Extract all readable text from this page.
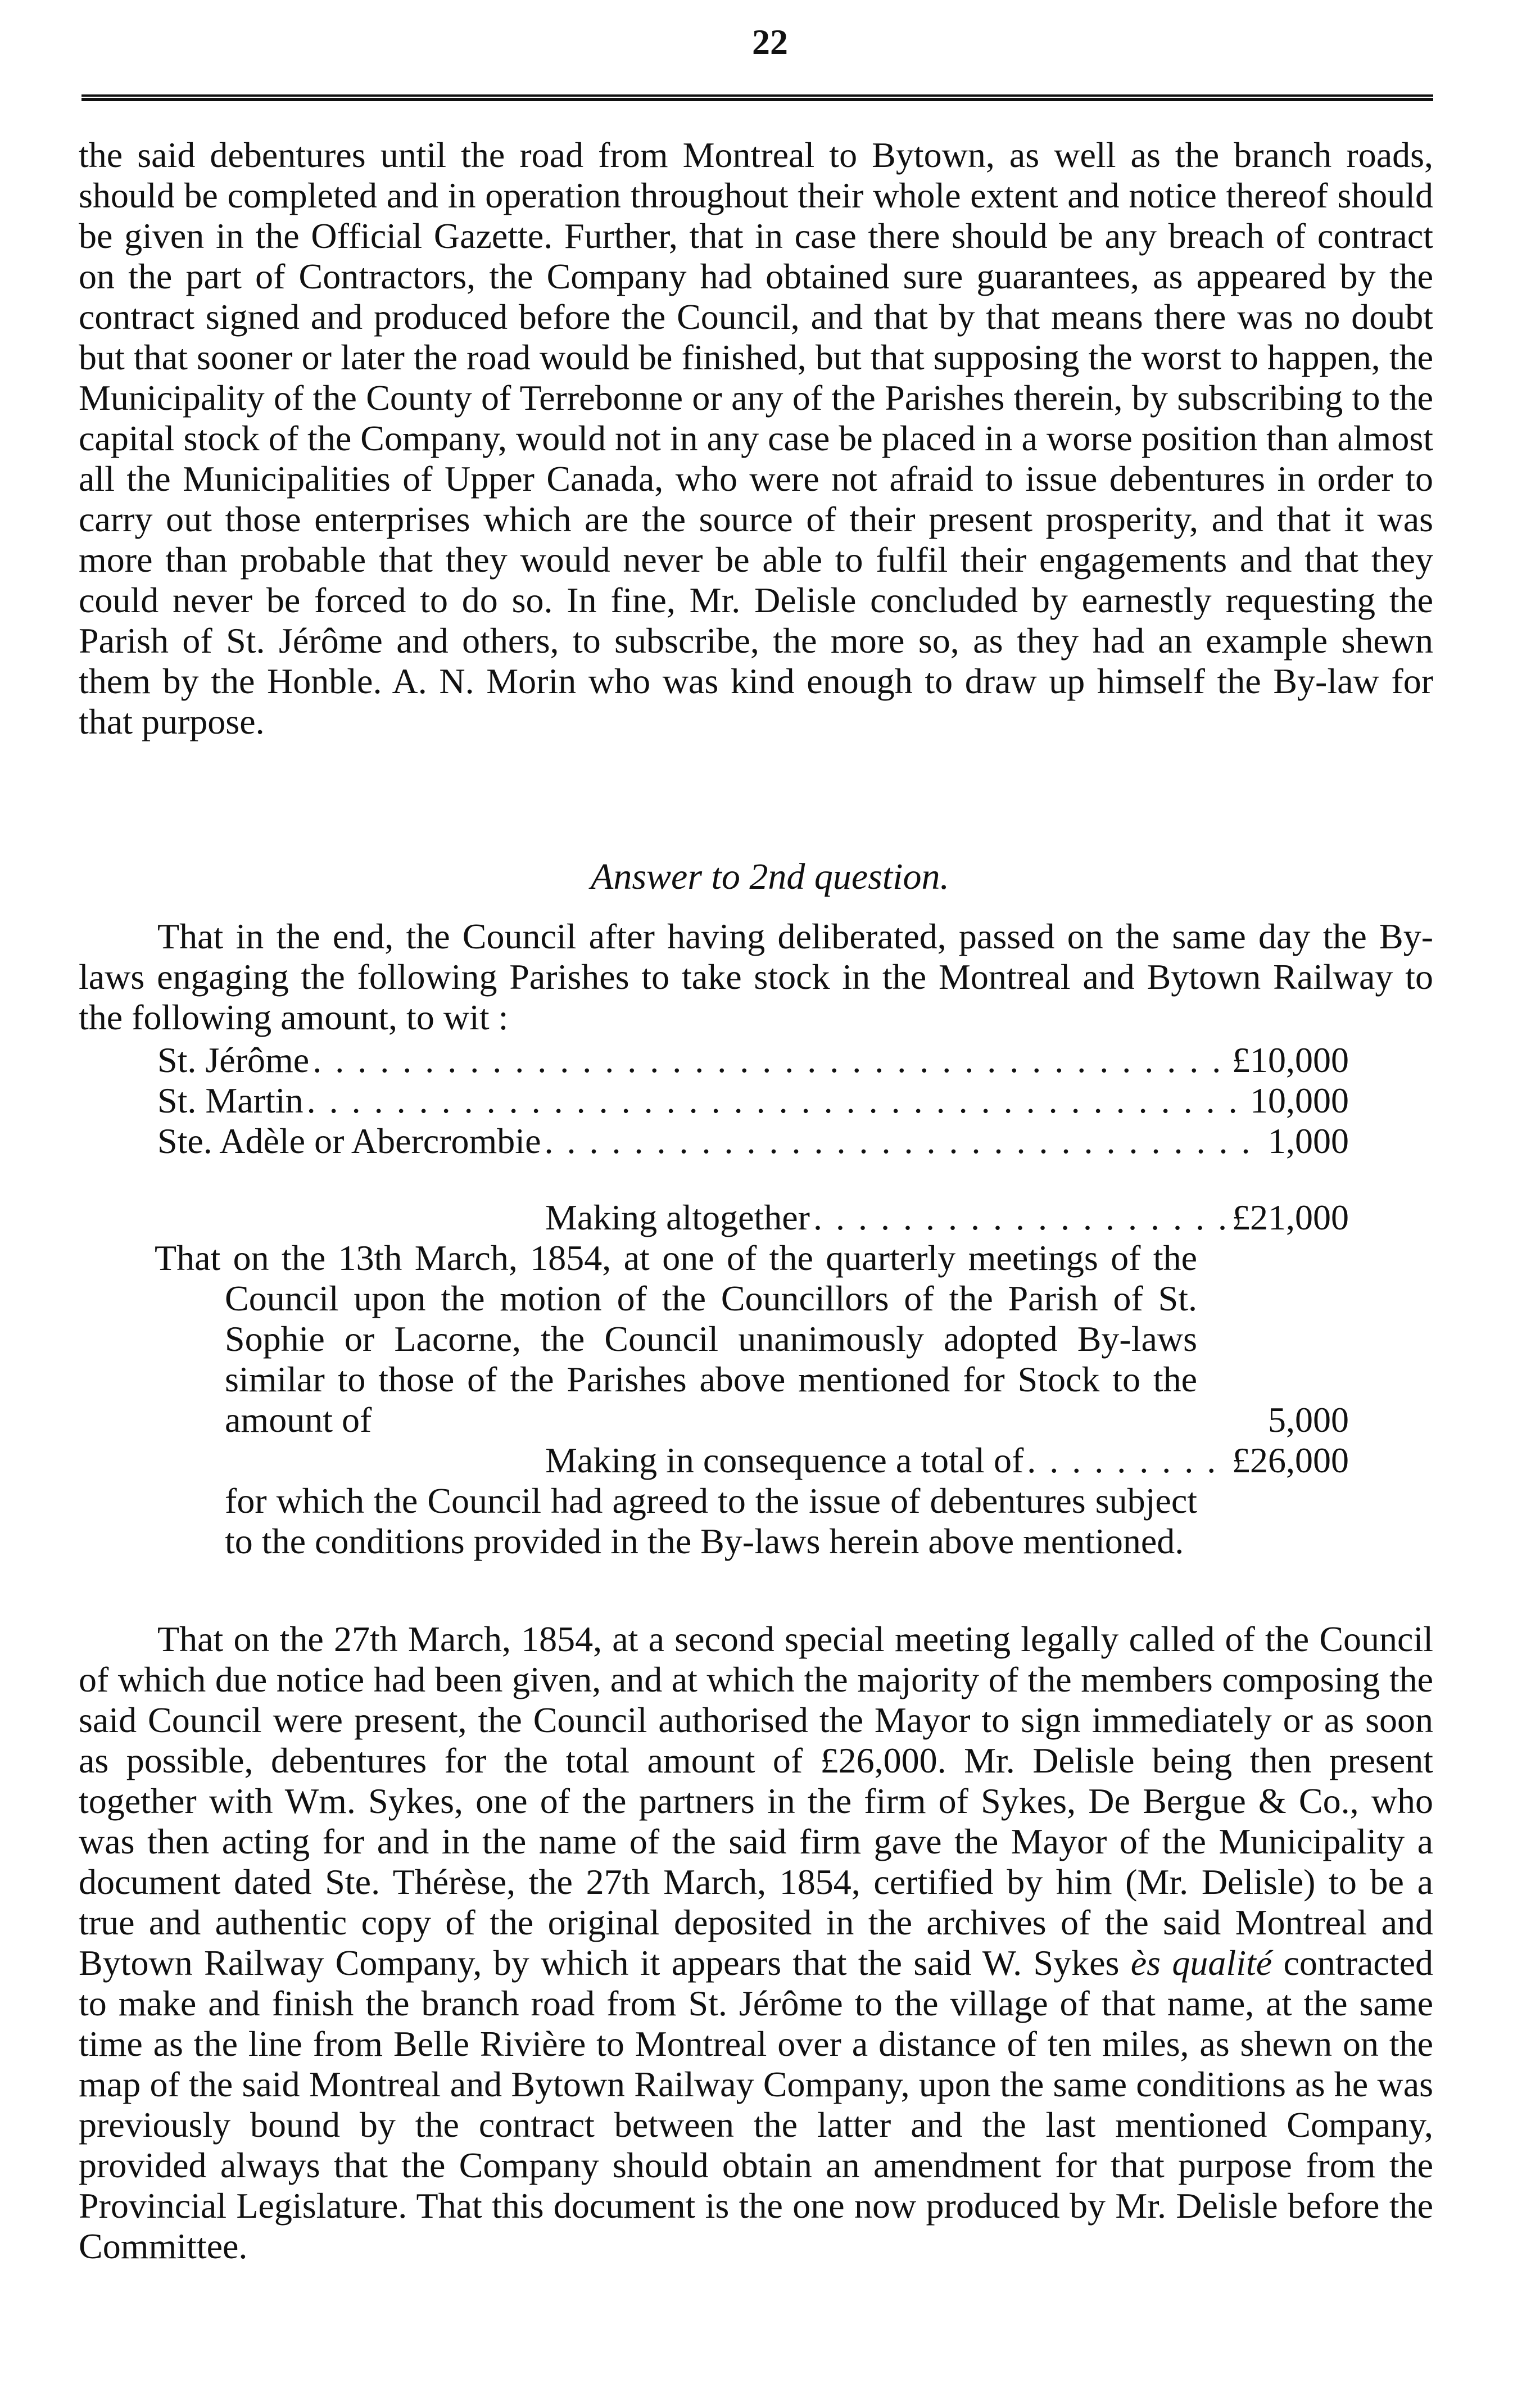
22

the said debentures until the road from Montreal to Bytown, as well as the branch roads, should be completed and in operation throughout their whole extent and notice thereof should be given in the Official Gazette. Further, that in case there should be any breach of contract on the part of Contractors, the Company had obtained sure guarantees, as appeared by the contract signed and produced before the Council, and that by that means there was no doubt but that sooner or later the road would be finished, but that supposing the worst to happen, the Municipality of the County of Terrebonne or any of the Parishes therein, by subscribing to the capital stock of the Company, would not in any case be placed in a worse position than almost all the Municipalities of Upper Canada, who were not afraid to issue debentures in order to carry out those enterprises which are the source of their present prosperity, and that it was more than probable that they would never be able to fulfil their engagements and that they could never be forced to do so. In fine, Mr. Delisle concluded by earnestly requesting the Parish of St. Jérôme and others, to subscribe, the more so, as they had an example shewn them by the Honble. A. N. Morin who was kind enough to draw up himself the By-law for that purpose.

Answer to 2nd question.

That in the end, the Council after having deliberated, passed on the same day the By-laws engaging the following Parishes to take stock in the Montreal and Bytown Railway to the following amount, to wit :

St. Jérôme . . .	£10,000
St. Martin . . .	10,000
Ste. Adèle or Abercrombie . . .	1,000
Making altogether . . .	£21,000

That on the 13th March, 1854, at one of the quarterly meetings of the Council upon the motion of the Councillors of the Parish of St. Sophie or Lacorne, the Council unanimously adopted By-laws similar to those of the Parishes above mentioned for Stock to the amount of	5,000
Making in consequence a total of . . .	£26,000

for which the Council had agreed to the issue of debentures subject to the conditions provided in the By-laws herein above mentioned.

That on the 27th March, 1854, at a second special meeting legally called of the Council of which due notice had been given, and at which the majority of the members composing the said Council were present, the Council authorised the Mayor to sign immediately or as soon as possible, debentures for the total amount of £26,000. Mr. Delisle being then present together with Wm. Sykes, one of the partners in the firm of Sykes, De Bergue & Co., who was then acting for and in the name of the said firm gave the Mayor of the Municipality a document dated Ste. Thérèse, the 27th March, 1854, certified by him (Mr. Delisle) to be a true and authentic copy of the original deposited in the archives of the said Montreal and Bytown Railway Company, by which it appears that the said W. Sykes ès qualité contracted to make and finish the branch road from St. Jérôme to the village of that name, at the same time as the line from Belle Rivière to Montreal over a distance of ten miles, as shewn on the map of the said Montreal and Bytown Railway Company, upon the same conditions as he was previously bound by the contract between the latter and the last mentioned Company, provided always that the Company should obtain an amendment for that purpose from the Provincial Legislature. That this document is the one now produced by Mr. Delisle before the Committee.
